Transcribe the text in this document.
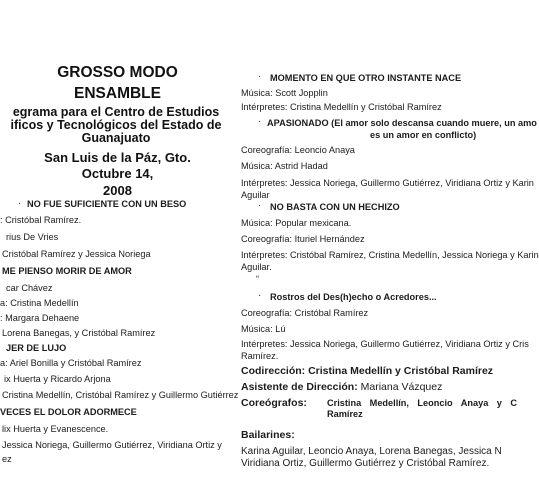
GROSSO MODO
ENSAMBLE
egrama para el Centro de Estudios ificos y Tecnológicos del Estado de Guanajuato
San Luis de la Páz, Gto.
Octubre 14,
2008
· NO FUE SUFICIENTE CON UN BESO
: Cristóbal Ramírez.
rius De Vries
Cristóbal Ramírez y Jessica Noriega
ME PIENSO MORIR DE AMOR
car Chávez
a: Cristina Medellín
: Margara Dehaene
Lorena Banegas, y Cristóbal Ramírez
JER DE LUJO
a: Ariel Bonilla y Cristóbal Ramírez
ix Huerta y Ricardo Arjona
Cristina Medellín, Cristóbal Ramírez y Guillermo Gutiérrez
VECES EL DOLOR ADORMECE
lix Huerta y Evanescence.
Jessica Noriega, Guillermo Gutiérrez, Viridiana Ortiz y
ez
· MOMENTO EN QUE OTRO INSTANTE NACE
Música: Scott Jopplin
Intérpretes: Cristina Medellín y Cristóbal Ramírez
· APASIONADO (El amor solo descansa cuando muere, un amo
es un amor en conflicto)
Coreografía: Leoncio Anaya
Música: Astrid Hadad
Intérpretes: Jessica Noriega, Guillermo Gutiérrez, Viridiana Ortiz y Karin
Aguilar
· NO BASTA CON UN HECHIZO
Música: Popular mexicana.
Coreografía: Ituriel Hernández
Intérpretes: Cristóbal Ramírez, Cristina Medellín, Jessica Noriega y Karin
Aguilar.
“
· Rostros del Des(h)echo o Acredores...
Coreografía: Cristóbal Ramírez
Música: Lú
Intérpretes: Jessica Noriega, Guillermo Gutiérrez, Viridiana Ortiz y Cris
Ramírez.
Codirección: Cristina Medellín y Cristóbal Ramírez
Asistente de Dirección: Mariana Vázquez
Coreógrafos: Cristina Medellín, Leoncio Anaya y C Ramírez
Bailarines:
Karina Aguilar, Leoncio Anaya, Lorena Banegas, Jessica N Viridiana Ortiz, Guillermo Gutiérrez y Cristóbal Ramírez.
